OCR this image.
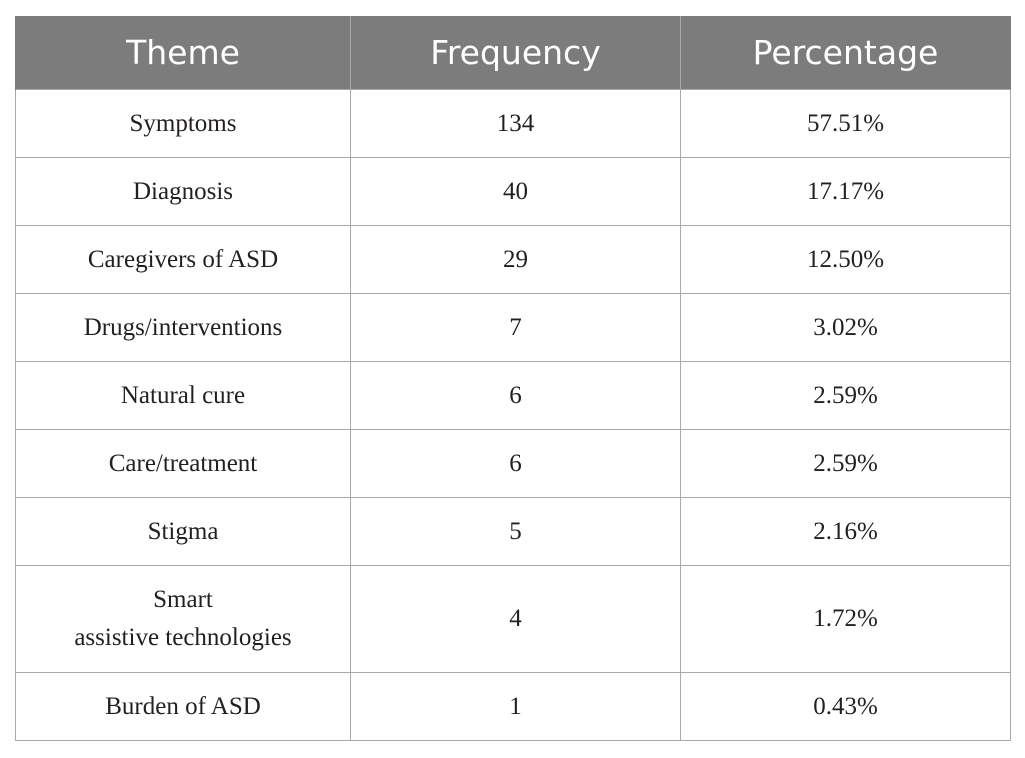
Theme	Frequency	Percentage
Symptoms	134	57.51%
Diagnosis	40	17.17%
Caregivers of ASD	29	12.50%
Drugs/interventions	7	3.02%
Natural cure	6	2.59%
Care/treatment	6	2.59%
Stigma	5	2.16%
Smart
assistive technologies	4	1.72%
Burden of ASD	1	0.43%
